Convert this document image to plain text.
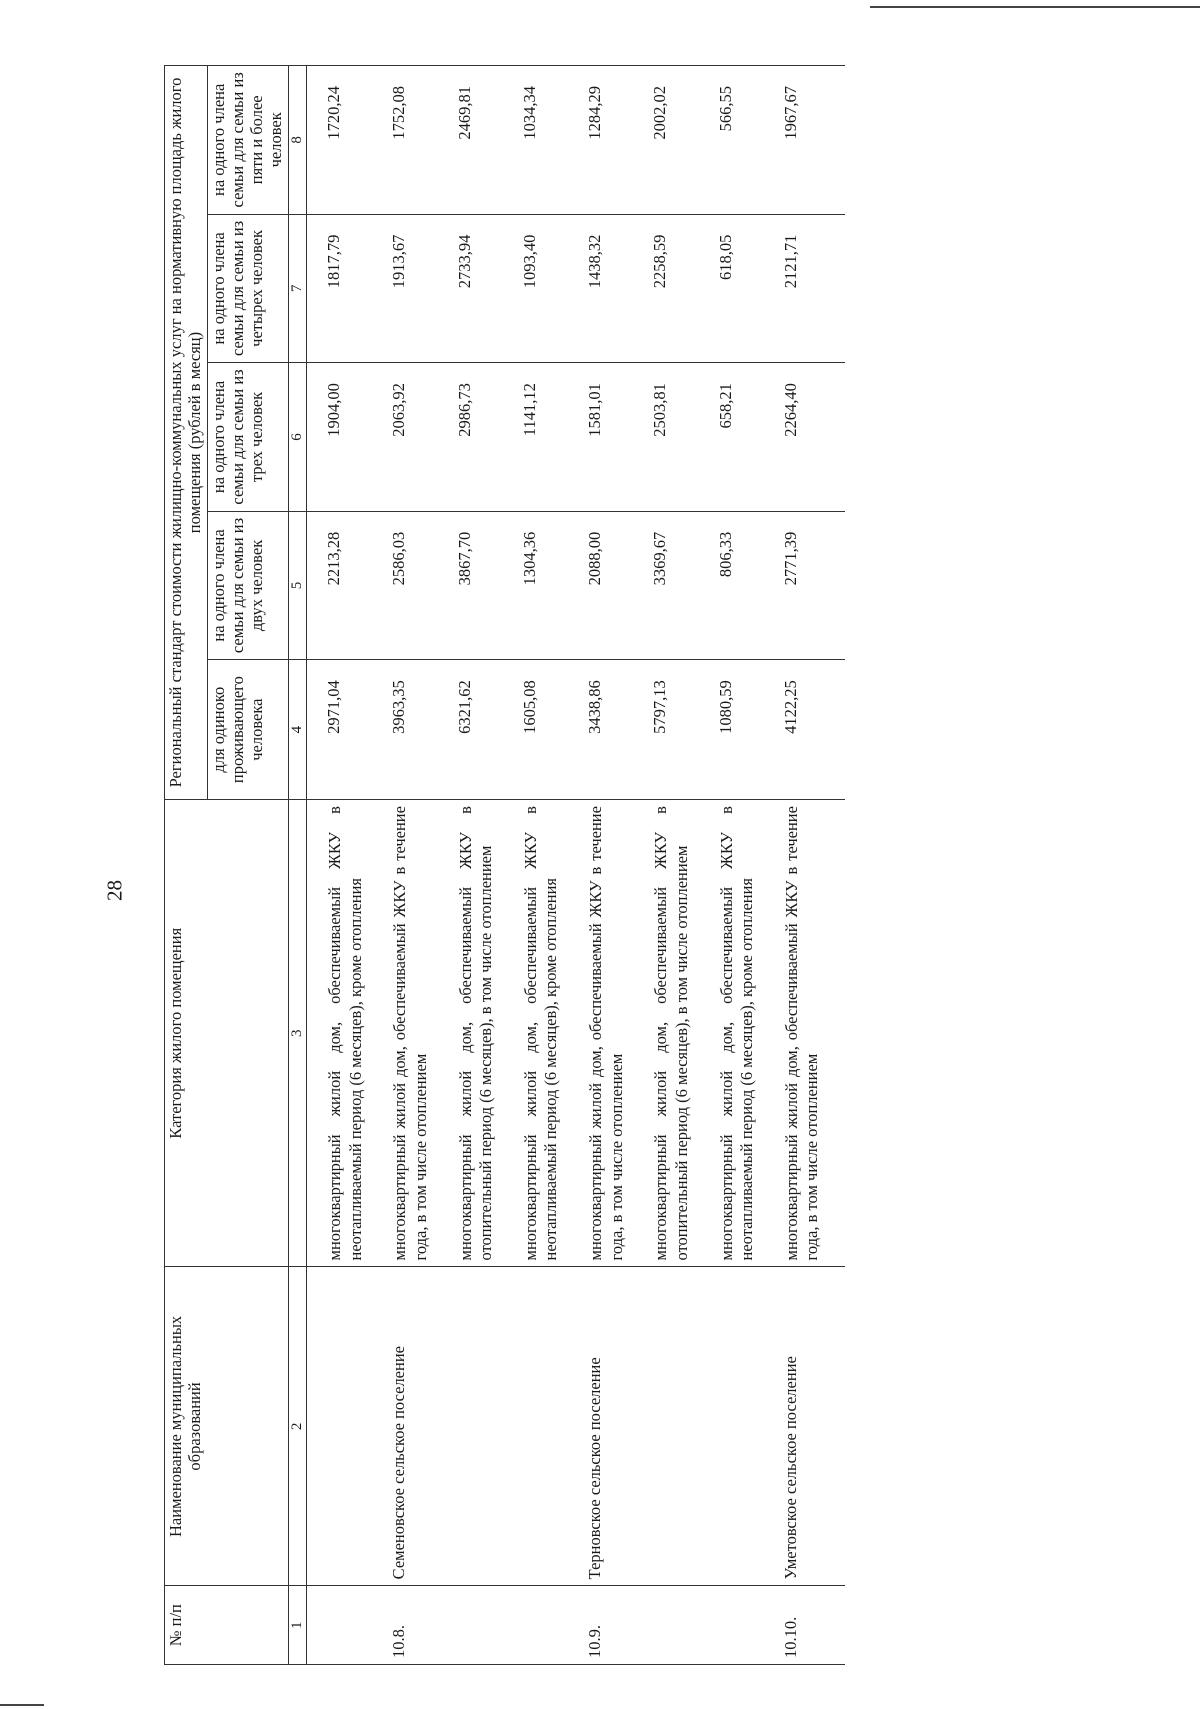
28
№ п/п	Наименование муниципальных образований	Категория жилого помещения	Региональный стандарт стоимости жилищно-коммунальных услуг на нормативную площадь жилого помещения (рублей в месяц)				
			для одиноко проживающего человека	на одного члена семьи для семьи из двух человек	на одного члена семьи для семьи из трех человек	на одного члена семьи для семьи из четырех человек	на одного члена семьи для семьи из пяти и более человек
1	2	3	4	5	6	7	8
		многоквартирный жилой дом, обеспечиваемый ЖКУ в неотапливаемый период (6 месяцев), кроме отопления	2971,04	2213,28	1904,00	1817,79	1720,24
10.8.	Семеновское сельское поселение	многоквартирный жилой дом, обеспечиваемый ЖКУ в течение года, в том числе отоплением	3963,35	2586,03	2063,92	1913,67	1752,08
		многоквартирный жилой дом, обеспечиваемый ЖКУ в отопительный период (6 месяцев), в том числе отоплением	6321,62	3867,70	2986,73	2733,94	2469,81
		многоквартирный жилой дом, обеспечиваемый ЖКУ в неотапливаемый период (6 месяцев), кроме отопления	1605,08	1304,36	1141,12	1093,40	1034,34
10.9.	Терновское сельское поселение	многоквартирный жилой дом, обеспечиваемый ЖКУ в течение года, в том числе отоплением	3438,86	2088,00	1581,01	1438,32	1284,29
		многоквартирный жилой дом, обеспечиваемый ЖКУ в отопительный период (6 месяцев), в том числе отоплением	5797,13	3369,67	2503,81	2258,59	2002,02
		многоквартирный жилой дом, обеспечиваемый ЖКУ в неотапливаемый период (6 месяцев), кроме отопления	1080,59	806,33	658,21	618,05	566,55
10.10.	Уметовское сельское поселение	многоквартирный жилой дом, обеспечиваемый ЖКУ в течение года, в том числе отоплением	4122,25	2771,39	2264,40	2121,71	1967,67
